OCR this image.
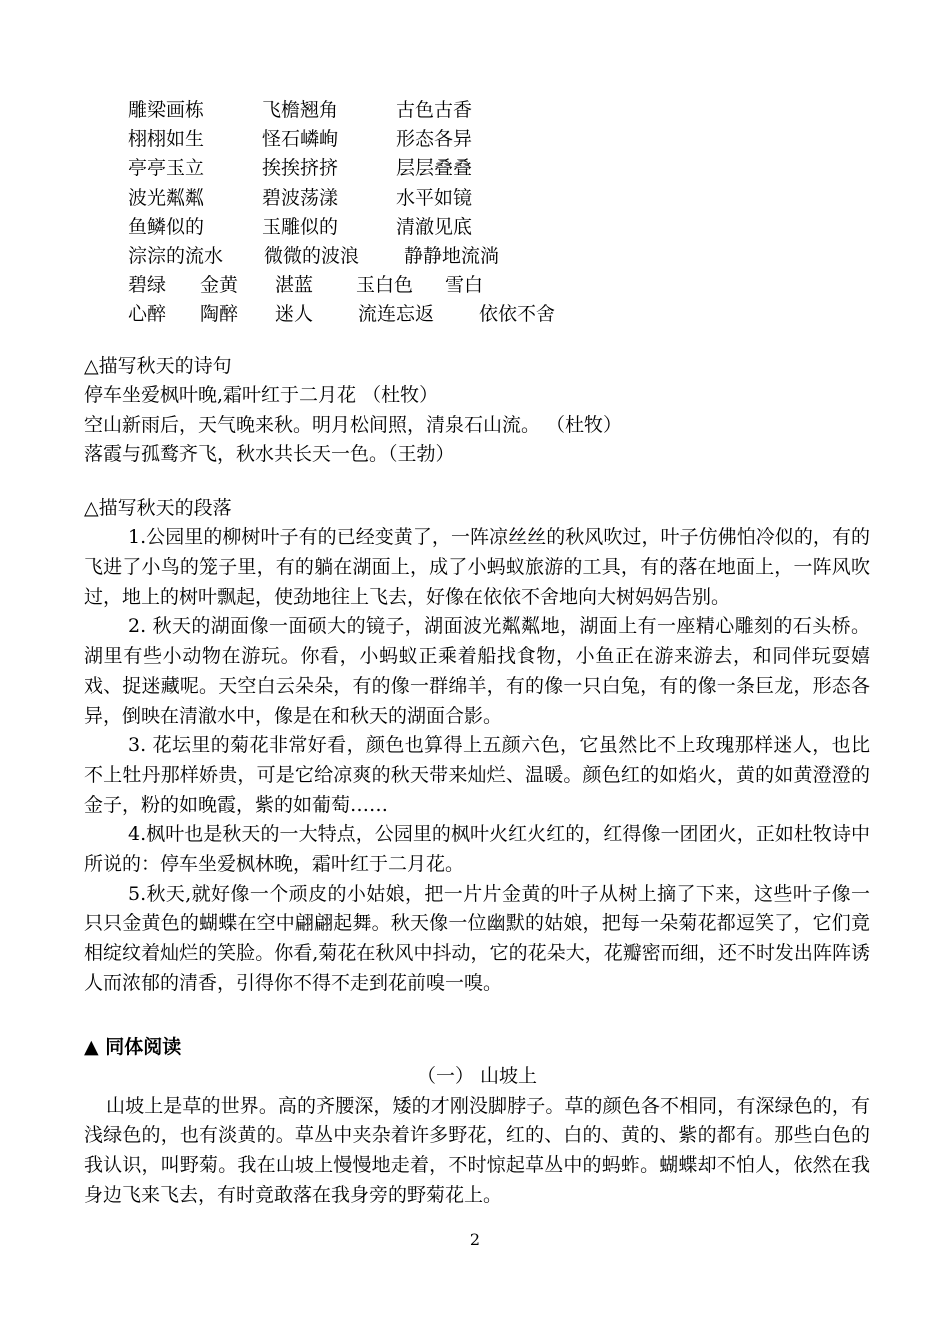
雕梁画栋	飞檐翘角	古色古香
栩栩如生	怪石嶙峋	形态各异
亭亭玉立	挨挨挤挤	层层叠叠
波光粼粼	碧波荡漾	水平如镜
鱼鳞似的	玉雕似的	清澈见底
淙淙的流水 微微的波浪 静静地流淌
碧绿 金黄 湛蓝 玉白色 雪白
心醉 陶醉 迷人 流连忘返 依依不舍
△描写秋天的诗句
停车坐爱枫叶晚,霜叶红于二月花 （杜牧）
空山新雨后，天气晚来秋。明月松间照，清泉石山流。 （杜牧）
落霞与孤鹜齐飞，秋水共长天一色。（王勃）
△描写秋天的段落
1.公园里的柳树叶子有的已经变黄了，一阵凉丝丝的秋风吹过，叶子仿佛怕冷似的，有的飞进了小鸟的笼子里，有的躺在湖面上，成了小蚂蚁旅游的工具，有的落在地面上，一阵风吹过，地上的树叶飘起，使劲地往上飞去，好像在依依不舍地向大树妈妈告别。
2. 秋天的湖面像一面硕大的镜子，湖面波光粼粼地，湖面上有一座精心雕刻的石头桥。湖里有些小动物在游玩。你看，小蚂蚁正乘着船找食物，小鱼正在游来游去，和同伴玩耍嬉戏、捉迷藏呢。天空白云朵朵，有的像一群绵羊，有的像一只白兔，有的像一条巨龙，形态各异，倒映在清澈水中，像是在和秋天的湖面合影。
3. 花坛里的菊花非常好看，颜色也算得上五颜六色，它虽然比不上玫瑰那样迷人，也比不上牡丹那样娇贵，可是它给凉爽的秋天带来灿烂、温暖。颜色红的如焰火，黄的如黄澄澄的金子，粉的如晚霞，紫的如葡萄……
4.枫叶也是秋天的一大特点，公园里的枫叶火红火红的，红得像一团团火，正如杜牧诗中所说的：停车坐爱枫林晚，霜叶红于二月花。
5.秋天,就好像一个顽皮的小姑娘，把一片片金黄的叶子从树上摘了下来，这些叶子像一只只金黄色的蝴蝶在空中翩翩起舞。秋天像一位幽默的姑娘，把每一朵菊花都逗笑了，它们竟相绽纹着灿烂的笑脸。你看,菊花在秋风中抖动，它的花朵大，花瓣密而细，还不时发出阵阵诱人而浓郁的清香，引得你不得不走到花前嗅一嗅。
▲ 同体阅读
（一） 山坡上
山坡上是草的世界。高的齐腰深，矮的才刚没脚脖子。草的颜色各不相同，有深绿色的，有浅绿色的，也有淡黄的。草丛中夹杂着许多野花，红的、白的、黄的、紫的都有。那些白色的我认识，叫野菊。我在山坡上慢慢地走着，不时惊起草丛中的蚂蚱。蝴蝶却不怕人，依然在我身边飞来飞去，有时竟敢落在我身旁的野菊花上。
2
